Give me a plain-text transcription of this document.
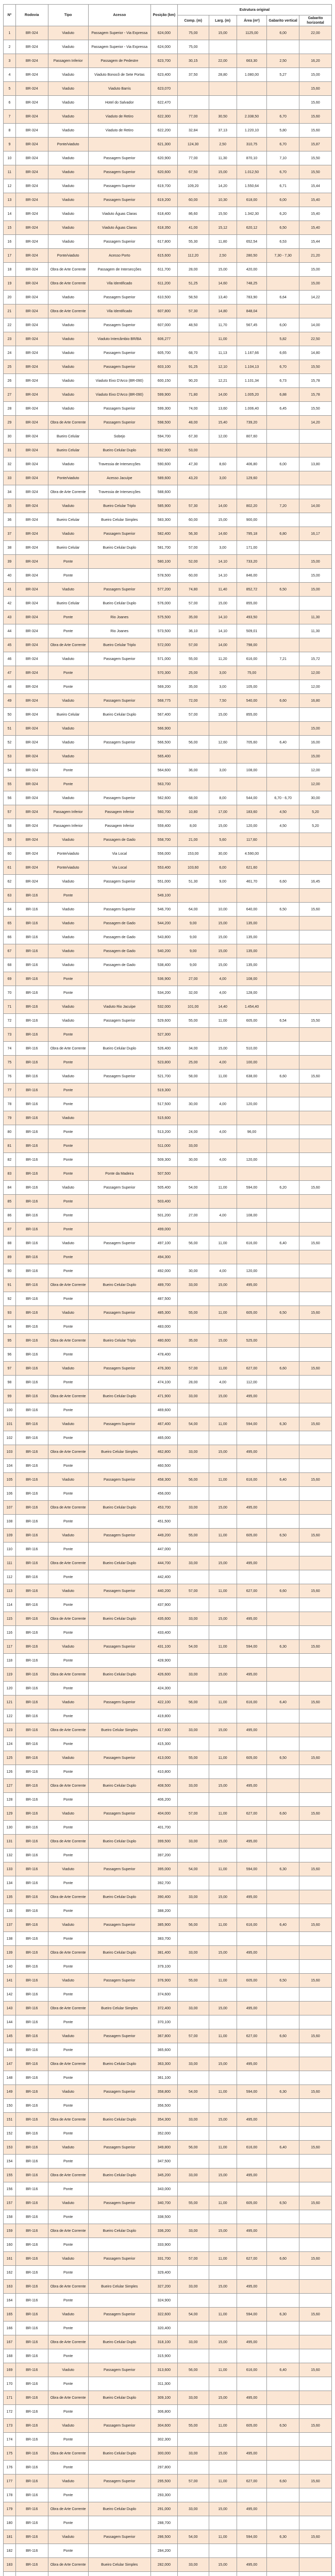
Nº	Rodovia	Tipo	Acesso	Posição (km)	Estrutura original				
					Comp. (m)	Larg. (m)	Área (m²)	Gabarito vertical	Gabarito horizontal
1	BR-324	Viaduto	Passagem Superior - Via Expressa	624,000	75,00	15,00	1125,00	6,00	22,00
2	BR-324	Viaduto	Passagem Superior - Via Expressa	624,000	75,00				
3	BR-324	Passagem Inferior	Passagem de Pedestre	623,700	30,15	22,00	663,30	2,50	16,20
4	BR-324	Viaduto	Viaduto Bonocô de Sete Portas	623,400	37,50	28,80	1.080,00	5,27	15,00
5	BR-324	Viaduto	Viaduto Barris	623,070					15,60
6	BR-324	Viaduto	Hotel do Salvador	622,470					15,60
7	BR-324	Viaduto	Viaduto de Retiro	622,300	77,00	30,50	2.338,50	6,70	15,60
8	BR-324	Viaduto	Viaduto de Retiro	622,200	32,84	37,13	1.220,10	5,80	15,60
9	BR-324	Ponte/viaduto		621,300	124,30	2,50	310,75	6,70	15,87
10	BR-324	Viaduto	Passagem Superior	620,900	77,00	11,30	870,10	7,10	15,50
11	BR-324	Viaduto	Passagem Superior	620,600	67,50	15,00	1.012,50	6,70	15,50
12	BR-324	Viaduto	Passagem Superior	619,700	109,20	14,20	1.550,64	6,71	15,44
13	BR-324	Viaduto	Passagem Superior	619,200	60,00	10,30	618,00	6,00	15,40
14	BR-324	Viaduto	Viaduto Águas Claras	618,400	86,60	15,50	1.342,30	6,20	15,40
15	BR-324	Viaduto	Viaduto Águas Claras	618,350	41,00	15,12	620,12	6,50	15,40
16	BR-324	Viaduto	Passagem Superior	617,800	55,30	11,80	652,54	6,53	15,44
17	BR-324	Ponte/viaduto	Acesso Porto	615,600	112,20	2,50	280,50	7,30 - 7,30	21,20
18	BR-324	Obra de Arte Corrente	Passagem de Intersecções	611,700	28,00	15,00	420,00		15,00
19	BR-324	Obra de Arte Corrente	Vila Identificado	611,200	51,25	14,60	748,25		15,00
20	BR-324	Viaduto	Passagem Superior	610,500	58,50	13,40	783,90	6,64	14,22
21	BR-324	Obra de Arte Corrente	Vila Identificado	607,800	57,30	14,80	848,04		
22	BR-324	Viaduto	Passagem Superior	607,000	48,50	11,70	567,45	6,00	14,00
23	BR-324	Viaduto	Viaduto Intercâmbio BR/BA	606,277		11,00		5,82	22,50
24	BR-324	Viaduto	Passagem Superior	605,700	68,70	11,13	1.167,66	6,65	14,80
25	BR-324	Viaduto	Passagem Superior	603,100	91,25	12,10	1.104,13	6,70	15,50
26	BR-324	Viaduto	Viaduto Eixo D'Arco (BR-090)	600,150	90,20	12,21	1.101,34	6,73	15,78
27	BR-324	Viaduto	Viaduto Eixo D'Arco (BR-090)	599,900	71,80	14,00	1.005,20	6,88	15,78
28	BR-324	Viaduto	Passagem Superior	599,300	74,00	13,60	1.006,40	6,45	15,50
29	BR-324	Obra de Arte Corrente	Passagem Superior	598,500	48,00	15,40	739,20		14,20
30	BR-324	Bueiro Celular	Sobejo	594,700	67,30	12,00	807,60		
31	BR-324	Bueiro Celular	Bueiro Celular Duplo	592,900	53,00				
32	BR-324	Viaduto	Travessia de Intersecções	590,600	47,30	8,60	406,80	6,00	13,80
33	BR-324	Ponte/viaduto	Acesso Jacuípe	589,600	43,20	3,00	129,60		
34	BR-324	Obra de Arte Corrente	Travessia de Intersecções	588,600					
35	BR-324	Viaduto	Bueiro Celular Triplo	585,900	57,30	14,00	802,20	7,20	14,00
36	BR-324	Bueiro Celular	Bueiro Celular Simples	583,300	60,00	15,00	900,00		
37	BR-324	Viaduto	Passagem Superior	582,400	56,30	14,60	795,18	6,80	16,17
38	BR-324	Bueiro Celular	Bueiro Celular Duplo	581,700	57,00	3,00	171,00		
39	BR-324	Ponte		580,100	52,00	14,10	733,20		15,00
40	BR-324	Ponte		578,500	60,00	14,10	846,00		15,00
41	BR-324	Viaduto	Passagem Superior	577,200	74,80	11,40	852,72	6,50	15,00
42	BR-324	Bueiro Celular	Bueiro Celular Duplo	576,000	57,00	15,00	855,00		
43	BR-324	Ponte	Rio Joanes	575,500	35,00	14,10	493,50		11,30
44	BR-324	Ponte	Rio Joanes	573,500	36,10	14,10	509,01		11,30
45	BR-324	Obra de Arte Corrente	Bueiro Celular Triplo	572,000	57,00	14,00	798,00		
46	BR-324	Viaduto	Passagem Superior	571,000	55,00	11,20	616,00	7,21	15,72
47	BR-324	Ponte		570,300	25,00	3,00	75,00		12,00
48	BR-324	Ponte		569,200	35,00	3,00	105,00		12,00
49	BR-324	Viaduto	Passagem Superior	568,775	72,00	7,50	540,00	6,60	16,80
50	BR-324	Bueiro Celular	Bueiro Celular Duplo	567,400	57,00	15,00	855,00		
51	BR-324	Viaduto		566,900					15,00
52	BR-324	Viaduto	Passagem Superior	566,500	56,00	12,60	705,60	6,40	16,00
53	BR-324	Viaduto		565,400					15,00
54	BR-324	Ponte		564,600	36,00	3,00	108,00		12,00
55	BR-324	Ponte		563,700					12,00
56	BR-324	Viaduto	Passagem Superior	562,600	68,00	8,00	544,00	6,70 - 6,70	30,00
57	BR-324	Passagem Inferior	Passagem Inferior	560,700	10,80	17,00	183,60	4,50	5,20
58	BR-324	Passagem Inferior	Passagem Inferior	559,400	8,00	15,00	120,00	4,50	5,20
59	BR-324	Viaduto	Passagem de Gado	558,700	21,00	5,60	117,60		
60	BR-324	Ponte/viaduto	Via Local	556,000	153,00	30,00	4.590,00		
61	BR-324	Ponte/viaduto	Via Local	553,400	103,60	6,00	621,60		
62	BR-324	Viaduto	Passagem Superior	551,000	51,30	9,00	461,70	6,60	16,45
63	BR-116	Ponte		549,100					
64	BR-116	Viaduto	Passagem Superior	546,700	64,00	10,00	640,00	6,50	15,60
65	BR-116	Viaduto	Passagem de Gado	544,200	9,00	15,00	135,00		
66	BR-116	Viaduto	Passagem de Gado	543,800	9,00	15,00	135,00		
67	BR-116	Viaduto	Passagem de Gado	540,200	9,00	15,00	135,00		
68	BR-116	Viaduto	Passagem de Gado	538,400	9,00	15,00	135,00		
69	BR-116	Ponte		536,900	27,00	4,00	108,00		
70	BR-116	Ponte		534,200	32,00	4,00	128,00		
71	BR-116	Viaduto	Viaduto Rio Jacuípe	532,000	101,00	14,40	1.454,40		
72	BR-116	Viaduto	Passagem Superior	529,600	55,00	11,00	605,00	6,54	15,50
73	BR-116	Ponte		527,300					
74	BR-116	Obra de Arte Corrente	Bueiro Celular Duplo	526,400	34,00	15,00	510,00		
75	BR-116	Ponte		523,800	25,00	4,00	100,00		
76	BR-116	Viaduto	Passagem Superior	521,700	58,00	11,00	638,00	6,60	15,60
77	BR-116	Ponte		519,300					
78	BR-116	Ponte		517,500	30,00	4,00	120,00		
79	BR-116	Viaduto		515,600					
80	BR-116	Ponte		513,200	24,00	4,00	96,00		
81	BR-116	Ponte		511,000	33,00				
82	BR-116	Ponte		509,300	30,00	4,00	120,00		
83	BR-116	Ponte	Ponte da Madeira	507,500					
84	BR-116	Viaduto	Passagem Superior	505,400	54,00	11,00	594,00	6,20	15,60
85	BR-116	Ponte		503,400					
86	BR-116	Ponte		501,200	27,00	4,00	108,00		
87	BR-116	Ponte		499,000					
88	BR-116	Viaduto	Passagem Superior	497,100	56,00	11,00	616,00	6,40	15,60
89	BR-116	Ponte		494,300					
90	BR-116	Ponte		492,000	30,00	4,00	120,00		
91	BR-116	Obra de Arte Corrente	Bueiro Celular Duplo	489,700	33,00	15,00	495,00		
92	BR-116	Ponte		487,500					
93	BR-116	Viaduto	Passagem Superior	485,300	55,00	11,00	605,00	6,50	15,60
94	BR-116	Ponte		483,000					
95	BR-116	Obra de Arte Corrente	Bueiro Celular Triplo	480,600	35,00	15,00	525,00		
96	BR-116	Ponte		478,400					
97	BR-116	Viaduto	Passagem Superior	476,300	57,00	11,00	627,00	6,60	15,60
98	BR-116	Ponte		474,100	28,00	4,00	112,00		
99	BR-116	Obra de Arte Corrente	Bueiro Celular Duplo	471,900	33,00	15,00	495,00		
100	BR-116	Ponte		469,600					
101	BR-116	Viaduto	Passagem Superior	467,400	54,00	11,00	594,00	6,30	15,60
102	BR-116	Ponte		465,000					
103	BR-116	Obra de Arte Corrente	Bueiro Celular Simples	462,800	33,00	15,00	495,00		
104	BR-116	Ponte		460,500					
105	BR-116	Viaduto	Passagem Superior	458,300	56,00	11,00	616,00	6,40	15,60
106	BR-116	Ponte		456,000					
107	BR-116	Obra de Arte Corrente	Bueiro Celular Duplo	453,700	33,00	15,00	495,00		
108	BR-116	Ponte		451,500					
109	BR-116	Viaduto	Passagem Superior	449,200	55,00	11,00	605,00	6,50	15,60
110	BR-116	Ponte		447,000					
111	BR-116	Obra de Arte Corrente	Bueiro Celular Duplo	444,700	33,00	15,00	495,00		
112	BR-116	Ponte		442,400					
113	BR-116	Viaduto	Passagem Superior	440,200	57,00	11,00	627,00	6,60	15,60
114	BR-116	Ponte		437,900					
115	BR-116	Obra de Arte Corrente	Bueiro Celular Duplo	435,600	33,00	15,00	495,00		
116	BR-116	Ponte		433,400					
117	BR-116	Viaduto	Passagem Superior	431,100	54,00	11,00	594,00	6,30	15,60
118	BR-116	Ponte		428,900					
119	BR-116	Obra de Arte Corrente	Bueiro Celular Duplo	426,600	33,00	15,00	495,00		
120	BR-116	Ponte		424,300					
121	BR-116	Viaduto	Passagem Superior	422,100	56,00	11,00	616,00	6,40	15,60
122	BR-116	Ponte		419,800					
123	BR-116	Obra de Arte Corrente	Bueiro Celular Simples	417,600	33,00	15,00	495,00		
124	BR-116	Ponte		415,300					
125	BR-116	Viaduto	Passagem Superior	413,000	55,00	11,00	605,00	6,50	15,60
126	BR-116	Ponte		410,800					
127	BR-116	Obra de Arte Corrente	Bueiro Celular Duplo	408,500	33,00	15,00	495,00		
128	BR-116	Ponte		406,200					
129	BR-116	Viaduto	Passagem Superior	404,000	57,00	11,00	627,00	6,60	15,60
130	BR-116	Ponte		401,700					
131	BR-116	Obra de Arte Corrente	Bueiro Celular Duplo	399,500	33,00	15,00	495,00		
132	BR-116	Ponte		397,200					
133	BR-116	Viaduto	Passagem Superior	395,000	54,00	11,00	594,00	6,30	15,60
134	BR-116	Ponte		392,700					
135	BR-116	Obra de Arte Corrente	Bueiro Celular Duplo	390,400	33,00	15,00	495,00		
136	BR-116	Ponte		388,200					
137	BR-116	Viaduto	Passagem Superior	385,900	56,00	11,00	616,00	6,40	15,60
138	BR-116	Ponte		383,700					
139	BR-116	Obra de Arte Corrente	Bueiro Celular Duplo	381,400	33,00	15,00	495,00		
140	BR-116	Ponte		379,100					
141	BR-116	Viaduto	Passagem Superior	376,900	55,00	11,00	605,00	6,50	15,60
142	BR-116	Ponte		374,600					
143	BR-116	Obra de Arte Corrente	Bueiro Celular Simples	372,400	33,00	15,00	495,00		
144	BR-116	Ponte		370,100					
145	BR-116	Viaduto	Passagem Superior	367,800	57,00	11,00	627,00	6,60	15,60
146	BR-116	Ponte		365,600					
147	BR-116	Obra de Arte Corrente	Bueiro Celular Duplo	363,300	33,00	15,00	495,00		
148	BR-116	Ponte		361,100					
149	BR-116	Viaduto	Passagem Superior	358,800	54,00	11,00	594,00	6,30	15,60
150	BR-116	Ponte		356,500					
151	BR-116	Obra de Arte Corrente	Bueiro Celular Duplo	354,300	33,00	15,00	495,00		
152	BR-116	Ponte		352,000					
153	BR-116	Viaduto	Passagem Superior	349,800	56,00	11,00	616,00	6,40	15,60
154	BR-116	Ponte		347,500					
155	BR-116	Obra de Arte Corrente	Bueiro Celular Duplo	345,200	33,00	15,00	495,00		
156	BR-116	Ponte		343,000					
157	BR-116	Viaduto	Passagem Superior	340,700	55,00	11,00	605,00	6,50	15,60
158	BR-116	Ponte		338,500					
159	BR-116	Obra de Arte Corrente	Bueiro Celular Duplo	336,200	33,00	15,00	495,00		
160	BR-116	Ponte		333,900					
161	BR-116	Viaduto	Passagem Superior	331,700	57,00	11,00	627,00	6,60	15,60
162	BR-116	Ponte		329,400					
163	BR-116	Obra de Arte Corrente	Bueiro Celular Simples	327,200	33,00	15,00	495,00		
164	BR-116	Ponte		324,900					
165	BR-116	Viaduto	Passagem Superior	322,600	54,00	11,00	594,00	6,30	15,60
166	BR-116	Ponte		320,400					
167	BR-116	Obra de Arte Corrente	Bueiro Celular Duplo	318,100	33,00	15,00	495,00		
168	BR-116	Ponte		315,900					
169	BR-116	Viaduto	Passagem Superior	313,600	56,00	11,00	616,00	6,40	15,60
170	BR-116	Ponte		311,300					
171	BR-116	Obra de Arte Corrente	Bueiro Celular Duplo	309,100	33,00	15,00	495,00		
172	BR-116	Ponte		306,800					
173	BR-116	Viaduto	Passagem Superior	304,600	55,00	11,00	605,00	6,50	15,60
174	BR-116	Ponte		302,300					
175	BR-116	Obra de Arte Corrente	Bueiro Celular Duplo	300,000	33,00	15,00	495,00		
176	BR-116	Ponte		297,800					
177	BR-116	Viaduto	Passagem Superior	295,500	57,00	11,00	627,00	6,60	15,60
178	BR-116	Ponte		293,300					
179	BR-116	Obra de Arte Corrente	Bueiro Celular Duplo	291,000	33,00	15,00	495,00		
180	BR-116	Ponte		288,700					
181	BR-116	Viaduto	Passagem Superior	286,500	54,00	11,00	594,00	6,30	15,60
182	BR-116	Ponte		284,200					
183	BR-116	Obra de Arte Corrente	Bueiro Celular Simples	282,000	33,00	15,00	495,00		
